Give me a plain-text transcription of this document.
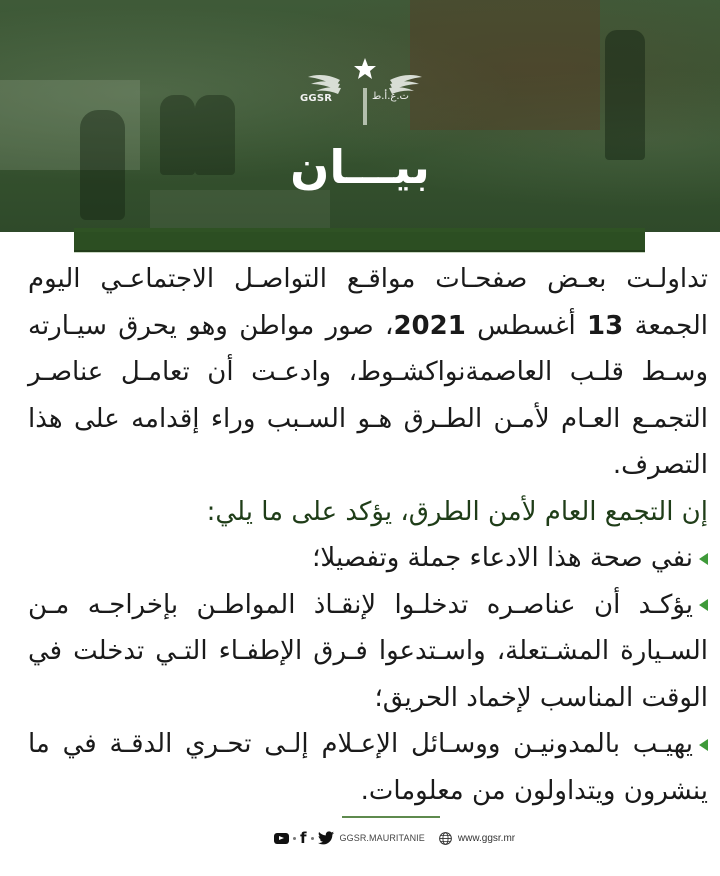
GGSR	ت.ع.أ.ط
بيـــان

تداولـت بعـض صفحـات مواقـع التواصـل الاجتماعـي اليوم الجمعة 13 أغسطس 2021، صور مواطن وهو يحرق سيـارته وسـط قلـب العاصمةنواكشـوط، وادعـت أن تعامـل عناصـر التجمـع العـام لأمـن الطـرق هـو السـبب وراء إقدامه على هذا التصرف.

إن التجمع العام لأمن الطرق، يؤكد على ما يلي:

نفي صحة هذا الادعاء جملة وتفصيلا؛

يؤكـد أن عناصـره تدخلـوا لإنقـاذ المواطـن بإخراجـه مـن السـيارة المشـتعلة، واسـتدعوا فـرق الإطفـاء التـي تدخلت في الوقت المناسب لإخماد الحريق؛

يهيـب بالمدونيـن ووسـائل الإعـلام إلـى تحـري الدقـة في ما ينشرون ويتداولون من معلومات.

f	GGSR.MAURITANIE	www.ggsr.mr
